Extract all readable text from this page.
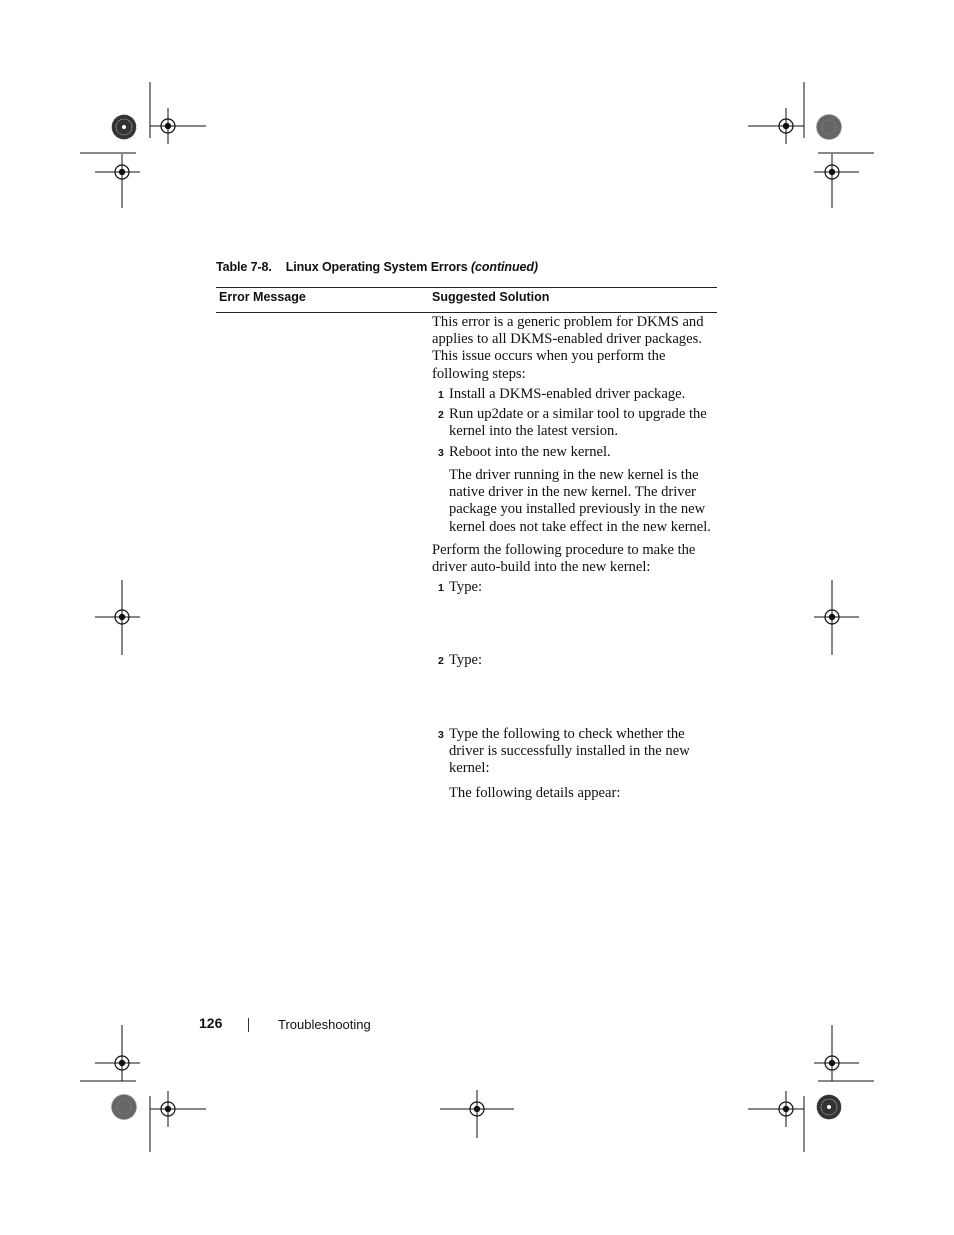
Table 7-8. Linux Operating System Errors (continued)
Error Message	Suggested Solution
This error is a generic problem for DKMS and applies to all DKMS-enabled driver packages. This issue occurs when you perform the following steps:
1 Install a DKMS-enabled driver package.
2 Run up2date or a similar tool to upgrade the kernel into the latest version.
3 Reboot into the new kernel.
The driver running in the new kernel is the native driver in the new kernel. The driver package you installed previously in the new kernel does not take effect in the new kernel.
Perform the following procedure to make the driver auto-build into the new kernel:
1 Type:
2 Type:
3 Type the following to check whether the driver is successfully installed in the new kernel:
The following details appear:
126	Troubleshooting
